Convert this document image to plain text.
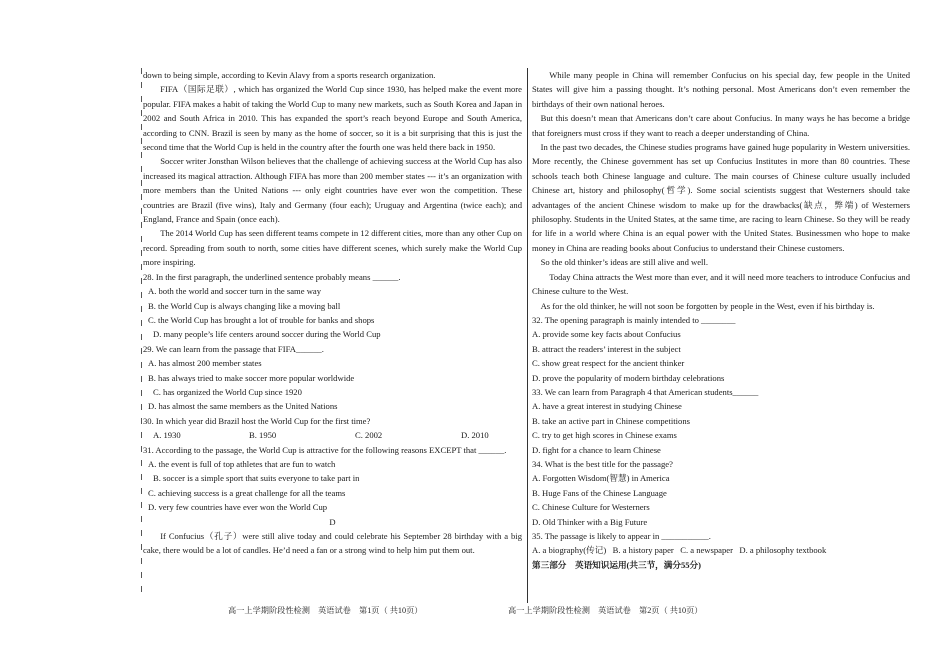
down to being simple, according to Kevin Alavy from a sports research organization.

FIFA（国际足联）, which has organized the World Cup since 1930, has helped make the event more popular. FIFA makes a habit of taking the World Cup to many new markets, such as South Korea and Japan in 2002 and South Africa in 2010. This has expanded the sport’s reach beyond Europe and South America, according to CNN. Brazil is seen by many as the home of soccer, so it is a bit surprising that this is just the second time that the World Cup is held in the country after the fourth one was held there back in 1950.

Soccer writer Jonsthan Wilson believes that the challenge of achieving success at the World Cup has also increased its magical attraction. Although FIFA has more than 200 member states --- it’s an organization with more members than the United Nations --- only eight countries have ever won the competition. These countries are Brazil (five wins), Italy and Germany (four each); Uruguay and Argentina (twice each); and England, France and Spain (once each).

The 2014 World Cup has seen different teams compete in 12 different cities, more than any other Cup on record. Spreading from south to north, some cities have different scenes, which surely make the World Cup more inspiring.

28. In the first paragraph, the underlined sentence probably means ______.

A. both the world and soccer turn in the same way

B. the World Cup is always changing like a moving ball

C. the World Cup has brought a lot of trouble for banks and shops

D. many people’s life centers around soccer during the World Cup

29. We can learn from the passage that FIFA______.

A. has almost 200 member states

B. has always tried to make soccer more popular worldwide

C. has organized the World Cup since 1920

D. has almost the same members as the United Nations

30. In which year did Brazil host the World Cup for the first time?

A. 1930	B. 1950	C. 2002	D. 2010

31. According to the passage, the World Cup is attractive for the following reasons EXCEPT that ______.

A. the event is full of top athletes that are fun to watch

B. soccer is a simple sport that suits everyone to take part in

C. achieving success is a great challenge for all the teams

D. very few countries have ever won the World Cup

D

If Confucius（孔子）were still alive today and could celebrate his September 28 birthday with a big cake, there would be a lot of candles. He’d need a fan or a strong wind to help him put them out.

While many people in China will remember Confucius on his special day, few people in the United States will give him a passing thought. It’s nothing personal. Most Americans don’t even remember the birthdays of their own national heroes.

But this doesn’t mean that Americans don’t care about Confucius. In many ways he has become a bridge that foreigners must cross if they want to reach a deeper understanding of China.

In the past two decades, the Chinese studies programs have gained huge popularity in Western universities. More recently, the Chinese government has set up Confucius Institutes in more than 80 countries. These schools teach both Chinese language and culture. The main courses of Chinese culture usually included Chinese art, history and philosophy(哲学). Some social scientists suggest that Westerners should take advantages of the ancient Chinese wisdom to make up for the drawbacks(缺点，弊端) of Westerners philosophy. Students in the United States, at the same time, are racing to learn Chinese. So they will be ready for life in a world where China is an equal power with the United States. Businessmen who hope to make money in China are reading books about Confucius to understand their Chinese customers.

So the old thinker’s ideas are still alive and well.

Today China attracts the West more than ever, and it will need more teachers to introduce Confucius and Chinese culture to the West.

As for the old thinker, he will not soon be forgotten by people in the West, even if his birthday is.

32. The opening paragraph is mainly intended to ________

A. provide some key facts about Confucius

B. attract the readers’ interest in the subject

C. show great respect for the ancient thinker

D. prove the popularity of modern birthday celebrations

33. We can learn from Paragraph 4 that American students______

A. have a great interest in studying Chinese

B. take an active part in Chinese competitions

C. try to get high scores in Chinese exams

D. fight for a chance to learn Chinese

34. What is the best title for the passage?

A. Forgotten Wisdom(智慧) in America

B. Huge Fans of the Chinese Language

C. Chinese Culture for Westerners

D. Old Thinker with a Big Future

35. The passage is likely to appear in ___________.

A. a biography(传记)   B. a history paper   C. a newspaper   D. a philosophy textbook

第三部分    英语知识运用(共三节，满分55分)

高一上学期阶段性检测    英语试卷    第1页（ 共10页）	高一上学期阶段性检测    英语试卷    第2页（ 共10页）
